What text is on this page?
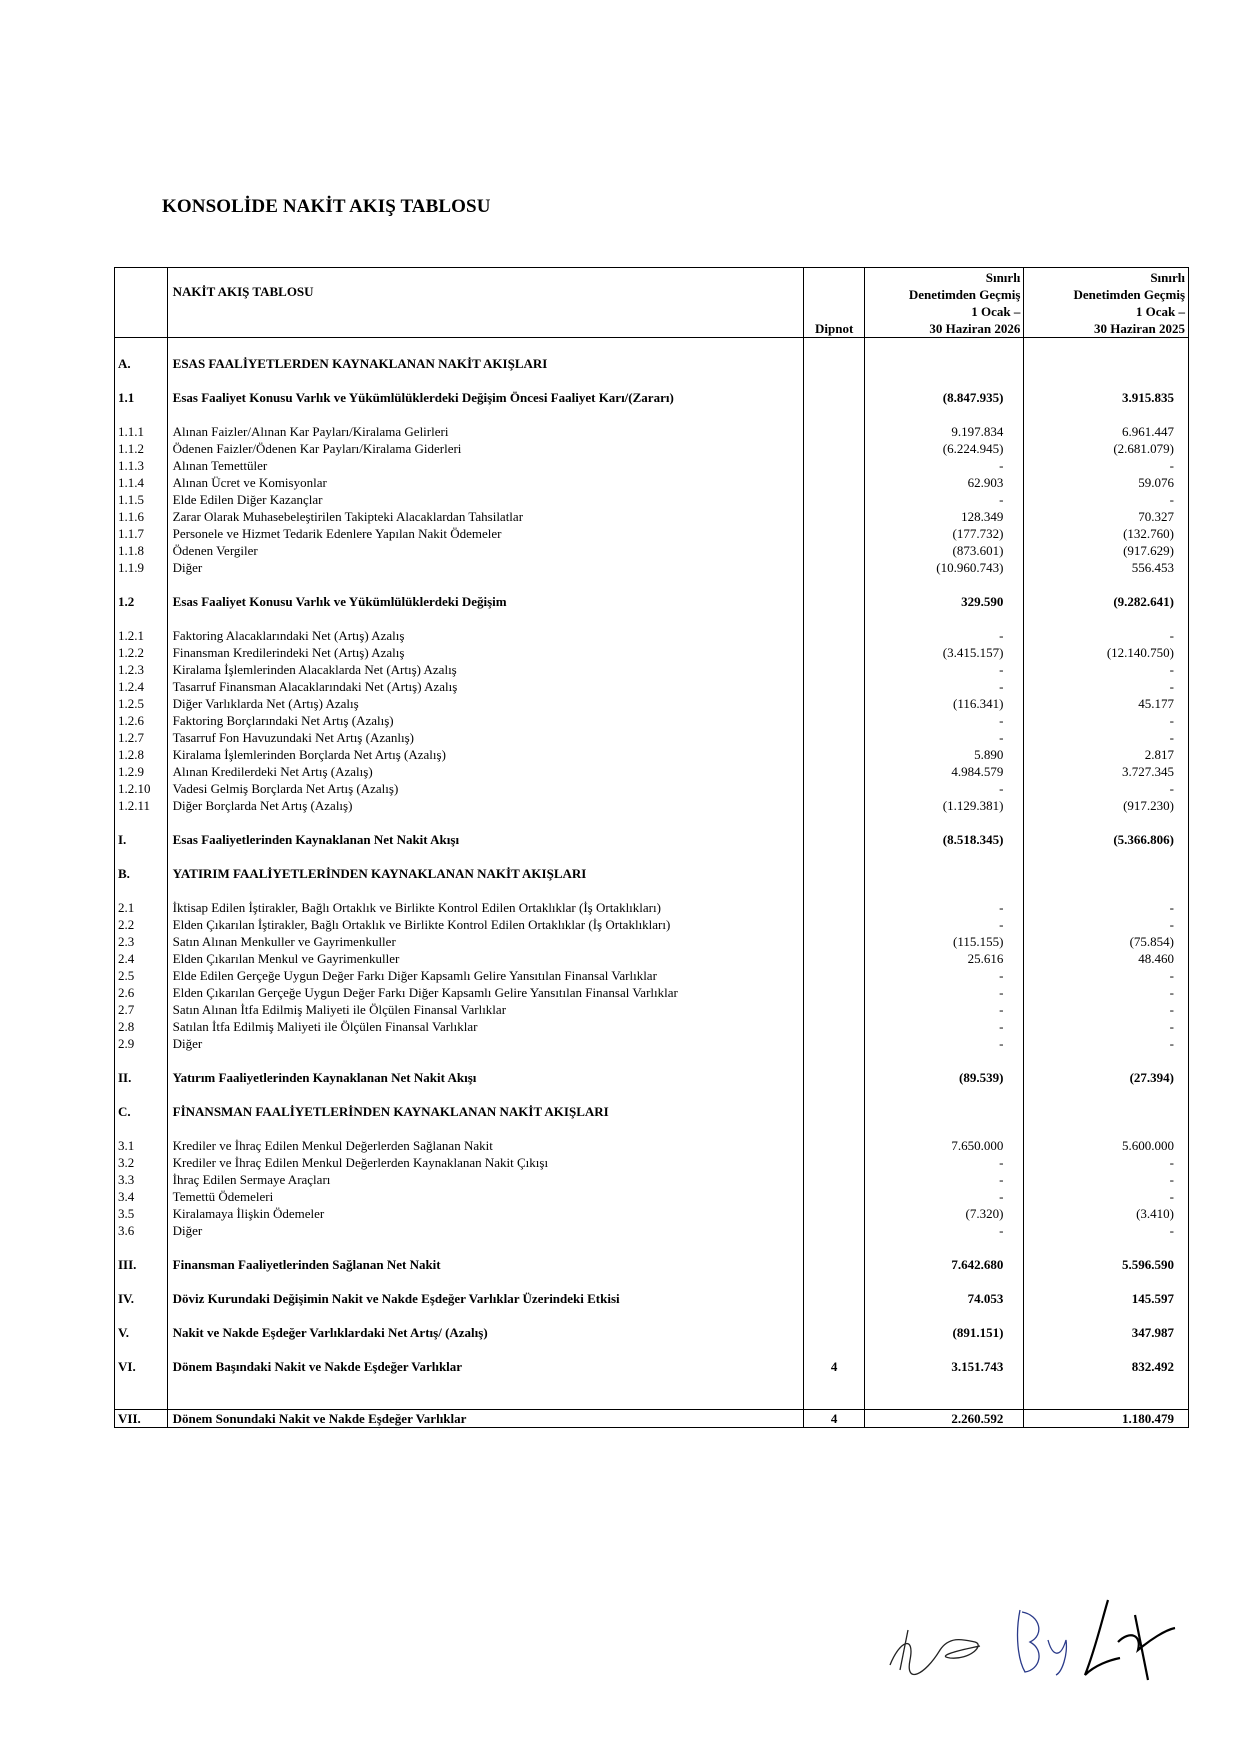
KONSOLİDE NAKİT AKIŞ TABLOSU
	NAKİT AKIŞ TABLOSU	Dipnot	Sınırlı
Denetimden Geçmiş
1 Ocak –
30 Haziran 2026	Sınırlı
Denetimden Geçmiş
1 Ocak –
30 Haziran 2025

A.	ESAS FAALİYETLERDEN KAYNAKLANAN NAKİT AKIŞLARI			

1.1	Esas Faaliyet Konusu Varlık ve Yükümlülüklerdeki Değişim Öncesi Faaliyet Karı/(Zararı)		(8.847.935)	3.915.835

1.1.1	Alınan Faizler/Alınan Kar Payları/Kiralama Gelirleri		9.197.834	6.961.447
1.1.2	Ödenen Faizler/Ödenen Kar Payları/Kiralama Giderleri		(6.224.945)	(2.681.079)
1.1.3	Alınan Temettüler		-	-
1.1.4	Alınan Ücret ve Komisyonlar		62.903	59.076
1.1.5	Elde Edilen Diğer Kazançlar		-	-
1.1.6	Zarar Olarak Muhasebeleştirilen Takipteki Alacaklardan Tahsilatlar		128.349	70.327
1.1.7	Personele ve Hizmet Tedarik Edenlere Yapılan Nakit Ödemeler		(177.732)	(132.760)
1.1.8	Ödenen Vergiler		(873.601)	(917.629)
1.1.9	Diğer		(10.960.743)	556.453

1.2	Esas Faaliyet Konusu Varlık ve Yükümlülüklerdeki Değişim		329.590	(9.282.641)

1.2.1	Faktoring Alacaklarındaki Net (Artış) Azalış		-	-
1.2.2	Finansman Kredilerindeki Net (Artış) Azalış		(3.415.157)	(12.140.750)
1.2.3	Kiralama İşlemlerinden Alacaklarda Net (Artış) Azalış		-	-
1.2.4	Tasarruf Finansman Alacaklarındaki Net (Artış) Azalış		-	-
1.2.5	Diğer Varlıklarda Net (Artış) Azalış		(116.341)	45.177
1.2.6	Faktoring Borçlarındaki Net Artış (Azalış)		-	-
1.2.7	Tasarruf Fon Havuzundaki Net Artış (Azanlış)		-	-
1.2.8	Kiralama İşlemlerinden Borçlarda Net Artış (Azalış)		5.890	2.817
1.2.9	Alınan Kredilerdeki Net Artış (Azalış)		4.984.579	3.727.345
1.2.10	Vadesi Gelmiş Borçlarda Net Artış (Azalış)		-	-
1.2.11	Diğer Borçlarda Net Artış (Azalış)		(1.129.381)	(917.230)

I.	Esas Faaliyetlerinden Kaynaklanan Net Nakit Akışı		(8.518.345)	(5.366.806)

B.	YATIRIM FAALİYETLERİNDEN KAYNAKLANAN NAKİT AKIŞLARI			

2.1	İktisap Edilen İştirakler, Bağlı Ortaklık ve Birlikte Kontrol Edilen Ortaklıklar (İş Ortaklıkları)		-	-
2.2	Elden Çıkarılan İştirakler, Bağlı Ortaklık ve Birlikte Kontrol Edilen Ortaklıklar (İş Ortaklıkları)		-	-
2.3	Satın Alınan Menkuller ve Gayrimenkuller		(115.155)	(75.854)
2.4	Elden Çıkarılan Menkul ve Gayrimenkuller		25.616	48.460
2.5	Elde Edilen Gerçeğe Uygun Değer Farkı Diğer Kapsamlı Gelire Yansıtılan Finansal Varlıklar		-	-
2.6	Elden Çıkarılan Gerçeğe Uygun Değer Farkı Diğer Kapsamlı Gelire Yansıtılan Finansal Varlıklar		-	-
2.7	Satın Alınan İtfa Edilmiş Maliyeti ile Ölçülen Finansal Varlıklar		-	-
2.8	Satılan İtfa Edilmiş Maliyeti ile Ölçülen Finansal Varlıklar		-	-
2.9	Diğer		-	-

II.	Yatırım Faaliyetlerinden Kaynaklanan Net Nakit Akışı		(89.539)	(27.394)

C.	FİNANSMAN FAALİYETLERİNDEN KAYNAKLANAN NAKİT AKIŞLARI			

3.1	Krediler ve İhraç Edilen Menkul Değerlerden Sağlanan Nakit		7.650.000	5.600.000
3.2	Krediler ve İhraç Edilen Menkul Değerlerden Kaynaklanan Nakit Çıkışı		-	-
3.3	İhraç Edilen Sermaye Araçları		-	-
3.4	Temettü Ödemeleri		-	-
3.5	Kiralamaya İlişkin Ödemeler		(7.320)	(3.410)
3.6	Diğer		-	-

III.	Finansman Faaliyetlerinden Sağlanan Net Nakit		7.642.680	5.596.590

IV.	Döviz Kurundaki Değişimin Nakit ve Nakde Eşdeğer Varlıklar Üzerindeki Etkisi		74.053	145.597

V.	Nakit ve Nakde Eşdeğer Varlıklardaki Net Artış/ (Azalış)		(891.151)	347.987

VI.	Dönem Başındaki Nakit ve Nakde Eşdeğer Varlıklar	4	3.151.743	832.492

VII.	Dönem Sonundaki Nakit ve Nakde Eşdeğer Varlıklar	4	2.260.592	1.180.479
